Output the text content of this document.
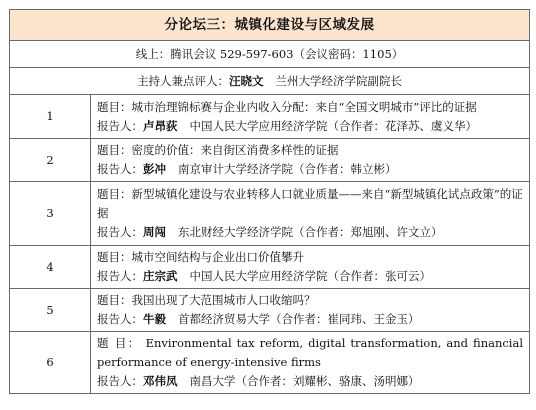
分论坛三：城镇化建设与区域发展	
线上：腾讯会议 529-597-603（会议密码：1105）	
主持人兼点评人：汪晓文 兰州大学经济学院副院长	
1	题目：城市治理锦标赛与企业内收入分配：来自“全国文明城市”评比的证据
报告人：卢昂荻 中国人民大学应用经济学院（合作者：花泽苏、虞义华）

2	题目：密度的价值：来自街区消费多样性的证据
报告人：彭冲 南京审计大学经济学院（合作者：韩立彬）

3	题目：新型城镇化建设与农业转移人口就业质量——来自“新型城镇化试点政策”的证据
报告人：周闯 东北财经大学经济学院（合作者：郑旭刚、许文立）

4	题目：城市空间结构与企业出口价值攀升
报告人：庄宗武 中国人民大学应用经济学院（合作者：张可云）

5	题目：我国出现了大范围城市人口收缩吗？
报告人：牛毅 首都经济贸易大学（合作者：崔同玮、王金玉）

6	题 目： Environmental tax reform, digital transformation, and financial performance of energy-intensive firms
报告人：邓伟凤 南昌大学（合作者：刘耀彬、骆康、汤明娜）
